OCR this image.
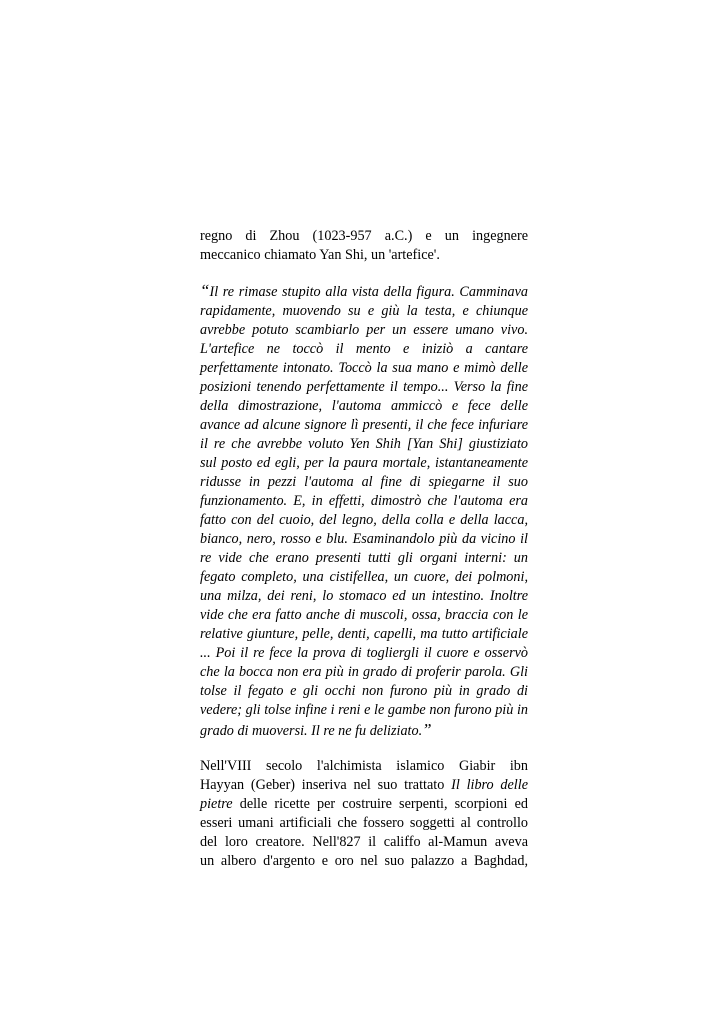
regno di Zhou (1023-957 a.C.) e un ingegnere
meccanico chiamato Yan Shi, un 'artefice'.

“Il re rimase stupito alla vista della figura. Camminava
rapidamente, muovendo su e giù la testa, e chiunque
avrebbe potuto scambiarlo per un essere umano vivo.
L'artefice ne toccò il mento e iniziò a cantare
perfettamente intonato. Toccò la sua mano e mimò delle
posizioni tenendo perfettamente il tempo... Verso la fine
della dimostrazione, l'automa ammiccò e fece delle
avance ad alcune signore lì presenti, il che fece infuriare
il re che avrebbe voluto Yen Shih [Yan Shi] giustiziato
sul posto ed egli, per la paura mortale, istantaneamente
ridusse in pezzi l'automa al fine di spiegarne il suo
funzionamento. E, in effetti, dimostrò che l'automa era
fatto con del cuoio, del legno, della colla e della lacca,
bianco, nero, rosso e blu. Esaminandolo più da vicino il
re vide che erano presenti tutti gli organi interni: un
fegato completo, una cistifellea, un cuore, dei polmoni,
una milza, dei reni, lo stomaco ed un intestino. Inoltre
vide che era fatto anche di muscoli, ossa, braccia con le
relative giunture, pelle, denti, capelli, ma tutto artificiale
... Poi il re fece la prova di togliergli il cuore e osservò
che la bocca non era più in grado di proferir parola. Gli
tolse il fegato e gli occhi non furono più in grado di
vedere; gli tolse infine i reni e le gambe non furono più in
grado di muoversi. Il re ne fu deliziato.”

Nell'VIII secolo l'alchimista islamico Giabir ibn
Hayyan (Geber) inseriva nel suo trattato Il libro delle
pietre delle ricette per costruire serpenti, scorpioni ed
esseri umani artificiali che fossero soggetti al controllo
del loro creatore. Nell'827 il califfo al-Mamun aveva
un albero d'argento e oro nel suo palazzo a Baghdad,
